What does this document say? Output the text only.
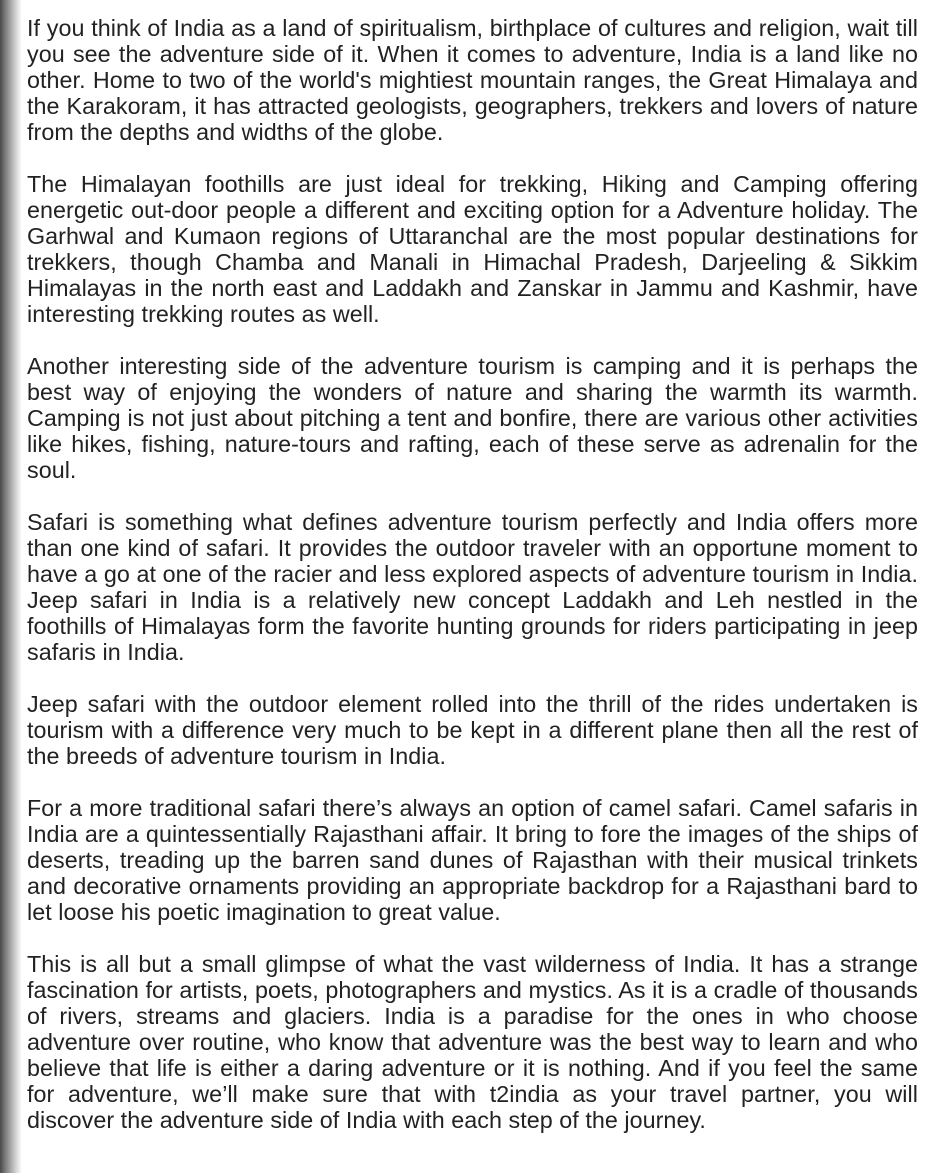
If you think of India as a land of spiritualism, birthplace of cultures and religion, wait till you see the adventure side of it. When it comes to adventure, India is a land like no other. Home to two of the world's mightiest mountain ranges, the Great Himalaya and the Karakoram, it has attracted geologists, geographers, trekkers and lovers of nature from the depths and widths of the globe.

The Himalayan foothills are just ideal for trekking, Hiking and Camping offering energetic out-door people a different and exciting option for a Adventure holiday. The Garhwal and Kumaon regions of Uttaranchal are the most popular destinations for trekkers, though Chamba and Manali in Himachal Pradesh, Darjeeling & Sikkim Himalayas in the north east and Laddakh and Zanskar in Jammu and Kashmir, have interesting trekking routes as well.

Another interesting side of the adventure tourism is camping and it is perhaps the best way of enjoying the wonders of nature and sharing the warmth its warmth. Camping is not just about pitching a tent and bonfire, there are various other activities like hikes, fishing, nature-tours and rafting, each of these serve as adrenalin for the soul.

Safari is something what defines adventure tourism perfectly and India offers more than one kind of safari. It provides the outdoor traveler with an opportune moment to have a go at one of the racier and less explored aspects of adventure tourism in India. Jeep safari in India is a relatively new concept Laddakh and Leh nestled in the foothills of Himalayas form the favorite hunting grounds for riders participating in jeep safaris in India.

Jeep safari with the outdoor element rolled into the thrill of the rides undertaken is tourism with a difference very much to be kept in a different plane then all the rest of the breeds of adventure tourism in India.

For a more traditional safari there’s always an option of camel safari. Camel safaris in India are a quintessentially Rajasthani affair. It bring to fore the images of the ships of deserts, treading up the barren sand dunes of Rajasthan with their musical trinkets and decorative ornaments providing an appropriate backdrop for a Rajasthani bard to let loose his poetic imagination to great value.

This is all but a small glimpse of what the vast wilderness of India. It has a strange fascination for artists, poets, photographers and mystics. As it is a cradle of thousands of rivers, streams and glaciers. India is a paradise for the ones in who choose adventure over routine, who know that adventure was the best way to learn and who believe that life is either a daring adventure or it is nothing. And if you feel the same for adventure, we’ll make sure that with t2india as your travel partner, you will discover the adventure side of India with each step of the journey.
